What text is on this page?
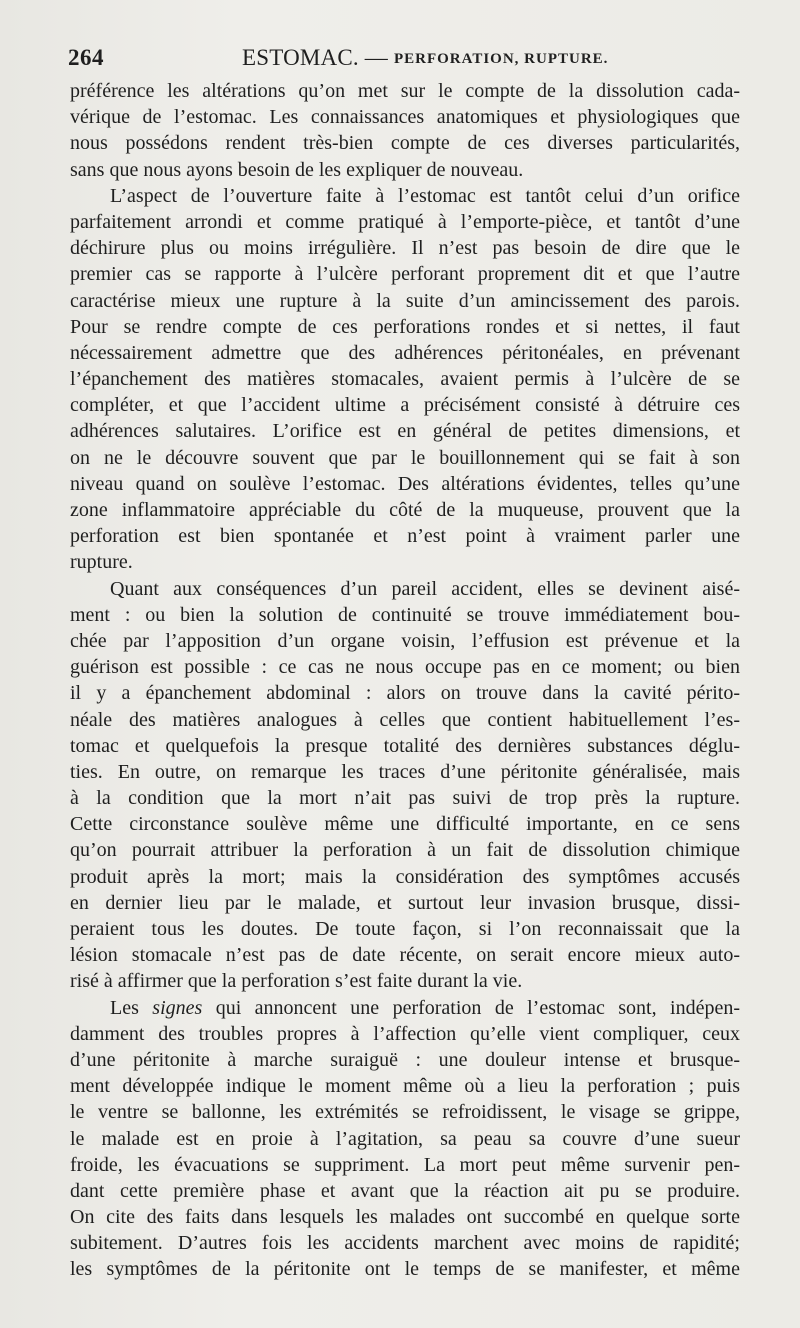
264	ESTOMAC. — PERFORATION, RUPTURE.
préférence les altérations qu’on met sur le compte de la dissolution cada-
vérique de l’estomac. Les connaissances anatomiques et physiologiques que
nous possédons rendent très-bien compte de ces diverses particularités,
sans que nous ayons besoin de les expliquer de nouveau.
L’aspect de l’ouverture faite à l’estomac est tantôt celui d’un orifice
parfaitement arrondi et comme pratiqué à l’emporte-pièce, et tantôt d’une
déchirure plus ou moins irrégulière. Il n’est pas besoin de dire que le
premier cas se rapporte à l’ulcère perforant proprement dit et que l’autre
caractérise mieux une rupture à la suite d’un amincissement des parois.
Pour se rendre compte de ces perforations rondes et si nettes, il faut
nécessairement admettre que des adhérences péritonéales, en prévenant
l’épanchement des matières stomacales, avaient permis à l’ulcère de se
compléter, et que l’accident ultime a précisément consisté à détruire ces
adhérences salutaires. L’orifice est en général de petites dimensions, et
on ne le découvre souvent que par le bouillonnement qui se fait à son
niveau quand on soulève l’estomac. Des altérations évidentes, telles qu’une
zone inflammatoire appréciable du côté de la muqueuse, prouvent que la
perforation est bien spontanée et n’est point à vraiment parler une
rupture.
Quant aux conséquences d’un pareil accident, elles se devinent aisé-
ment : ou bien la solution de continuité se trouve immédiatement bou-
chée par l’apposition d’un organe voisin, l’effusion est prévenue et la
guérison est possible : ce cas ne nous occupe pas en ce moment; ou bien
il y a épanchement abdominal : alors on trouve dans la cavité périto-
néale des matières analogues à celles que contient habituellement l’es-
tomac et quelquefois la presque totalité des dernières substances déglu-
ties. En outre, on remarque les traces d’une péritonite généralisée, mais
à la condition que la mort n’ait pas suivi de trop près la rupture.
Cette circonstance soulève même une difficulté importante, en ce sens
qu’on pourrait attribuer la perforation à un fait de dissolution chimique
produit après la mort; mais la considération des symptômes accusés
en dernier lieu par le malade, et surtout leur invasion brusque, dissi-
peraient tous les doutes. De toute façon, si l’on reconnaissait que la
lésion stomacale n’est pas de date récente, on serait encore mieux auto-
risé à affirmer que la perforation s’est faite durant la vie.
Les signes qui annoncent une perforation de l’estomac sont, indépen-
damment des troubles propres à l’affection qu’elle vient compliquer, ceux
d’une péritonite à marche suraiguë : une douleur intense et brusque-
ment développée indique le moment même où a lieu la perforation ; puis
le ventre se ballonne, les extrémités se refroidissent, le visage se grippe,
le malade est en proie à l’agitation, sa peau sa couvre d’une sueur
froide, les évacuations se suppriment. La mort peut même survenir pen-
dant cette première phase et avant que la réaction ait pu se produire.
On cite des faits dans lesquels les malades ont succombé en quelque sorte
subitement. D’autres fois les accidents marchent avec moins de rapidité;
les symptômes de la péritonite ont le temps de se manifester, et même
